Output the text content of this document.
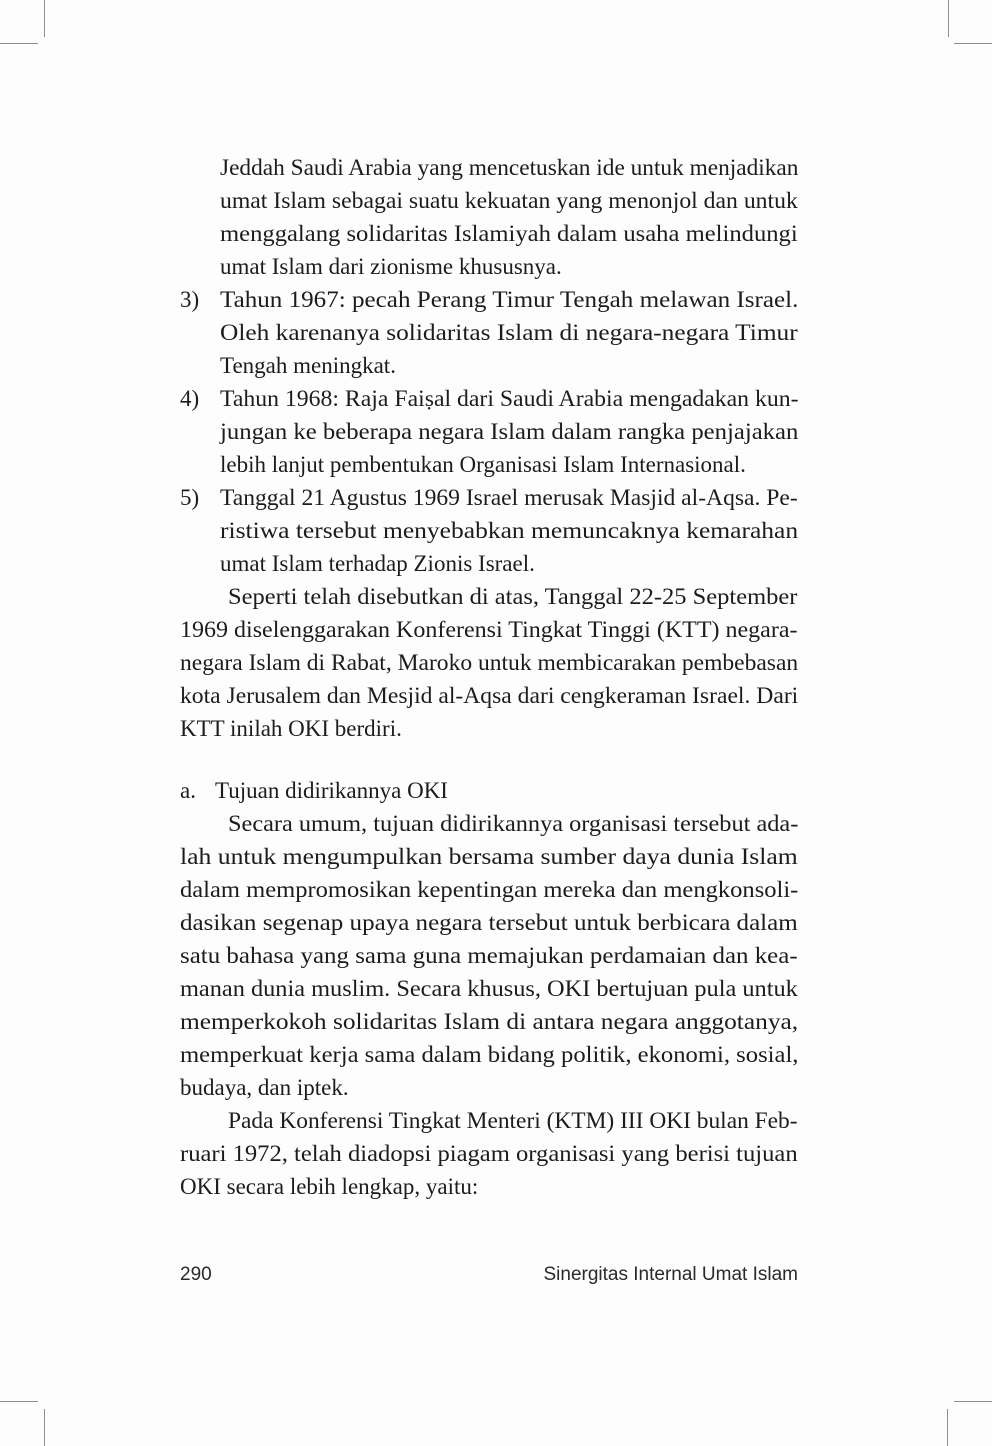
Jeddah Saudi Arabia yang mencetuskan ide untuk menjadikan
umat Islam sebagai suatu kekuatan yang menonjol dan untuk
menggalang solidaritas Islamiyah dalam usaha melindungi
umat Islam dari zionisme khususnya.
3) Tahun 1967: pecah Perang Timur Tengah melawan Israel.
Oleh karenanya solidaritas Islam di negara-negara Timur
Tengah meningkat.
4) Tahun 1968: Raja Faiṣal dari Saudi Arabia mengadakan kun-
jungan ke beberapa negara Islam dalam rangka penjajakan
lebih lanjut pembentukan Organisasi Islam Internasional.
5) Tanggal 21 Agustus 1969 Israel merusak Masjid al-Aqsa. Pe-
ristiwa tersebut menyebabkan memuncaknya kemarahan
umat Islam terhadap Zionis Israel.
Seperti telah disebutkan di atas, Tanggal 22-25 September
1969 diselenggarakan Konferensi Tingkat Tinggi (KTT) negara-
negara Islam di Rabat, Maroko untuk membicarakan pembebasan
kota Jerusalem dan Mesjid al-Aqsa dari cengkeraman Israel. Dari
KTT inilah OKI berdiri.
a. Tujuan didirikannya OKI
Secara umum, tujuan didirikannya organisasi tersebut ada-
lah untuk mengumpulkan bersama sumber daya dunia Islam
dalam mempromosikan kepentingan mereka dan mengkonsoli-
dasikan segenap upaya negara tersebut untuk berbicara dalam
satu bahasa yang sama guna memajukan perdamaian dan kea-
manan dunia muslim. Secara khusus, OKI bertujuan pula untuk
memperkokoh solidaritas Islam di antara negara anggotanya,
memperkuat kerja sama dalam bidang politik, ekonomi, sosial,
budaya, dan iptek.
Pada Konferensi Tingkat Menteri (KTM) III OKI bulan Feb-
ruari 1972, telah diadopsi piagam organisasi yang berisi tujuan
OKI secara lebih lengkap, yaitu:
290	Sinergitas Internal Umat Islam
